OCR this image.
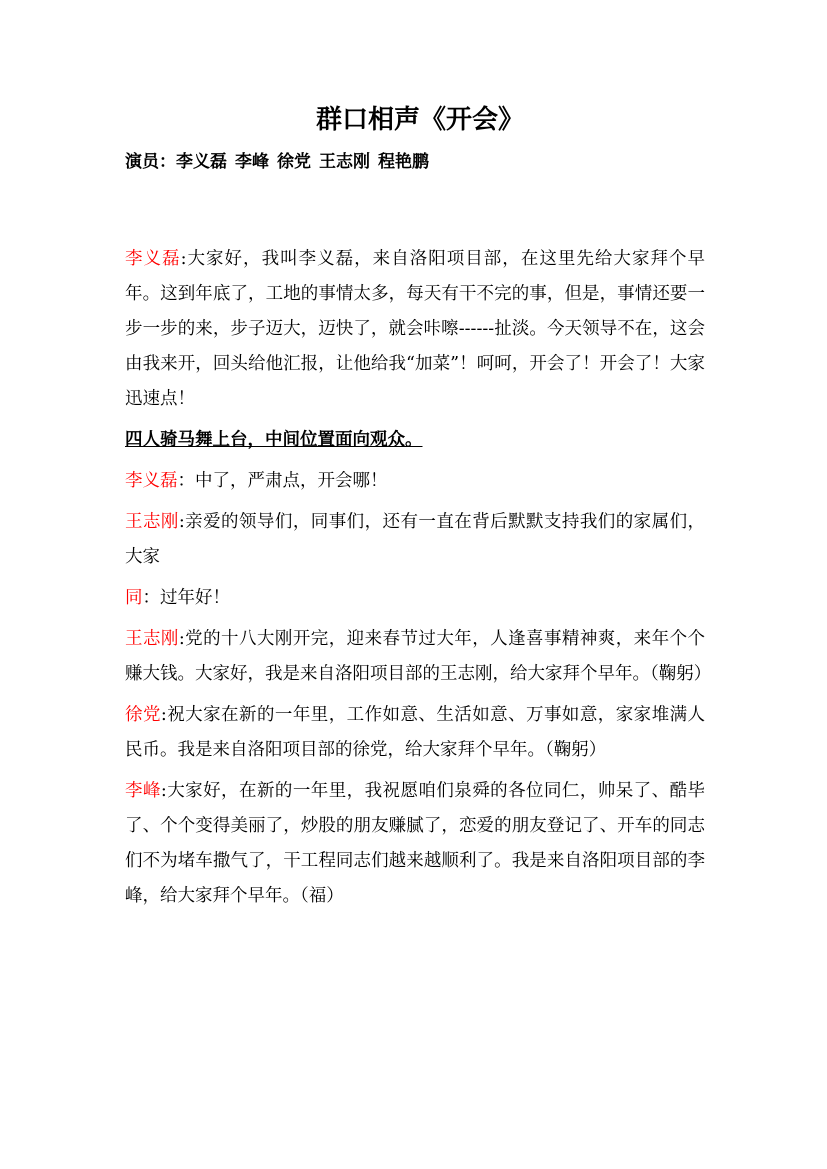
群口相声《开会》

演员：李义磊 李峰 徐党 王志刚 程艳鹏

李义磊:大家好，我叫李义磊，来自洛阳项目部，在这里先给大家拜个早年。这到年底了，工地的事情太多，每天有干不完的事，但是，事情还要一步一步的来，步子迈大，迈快了，就会咔嚓------扯淡。今天领导不在，这会由我来开，回头给他汇报，让他给我“加菜”！呵呵，开会了！开会了！大家迅速点！

四人骑马舞上台，中间位置面向观众。

李义磊：中了，严肃点，开会哪！

王志刚:亲爱的领导们，同事们，还有一直在背后默默支持我们的家属们，大家

同：过年好！

王志刚:党的十八大刚开完，迎来春节过大年，人逢喜事精神爽，来年个个赚大钱。大家好，我是来自洛阳项目部的王志刚，给大家拜个早年。（鞠躬）

徐党:祝大家在新的一年里，工作如意、生活如意、万事如意，家家堆满人民币。我是来自洛阳项目部的徐党，给大家拜个早年。（鞠躬）

李峰:大家好，在新的一年里，我祝愿咱们泉舜的各位同仁，帅呆了、酷毕了、个个变得美丽了，炒股的朋友赚腻了，恋爱的朋友登记了、开车的同志们不为堵车撒气了，干工程同志们越来越顺利了。我是来自洛阳项目部的李峰，给大家拜个早年。（福）
